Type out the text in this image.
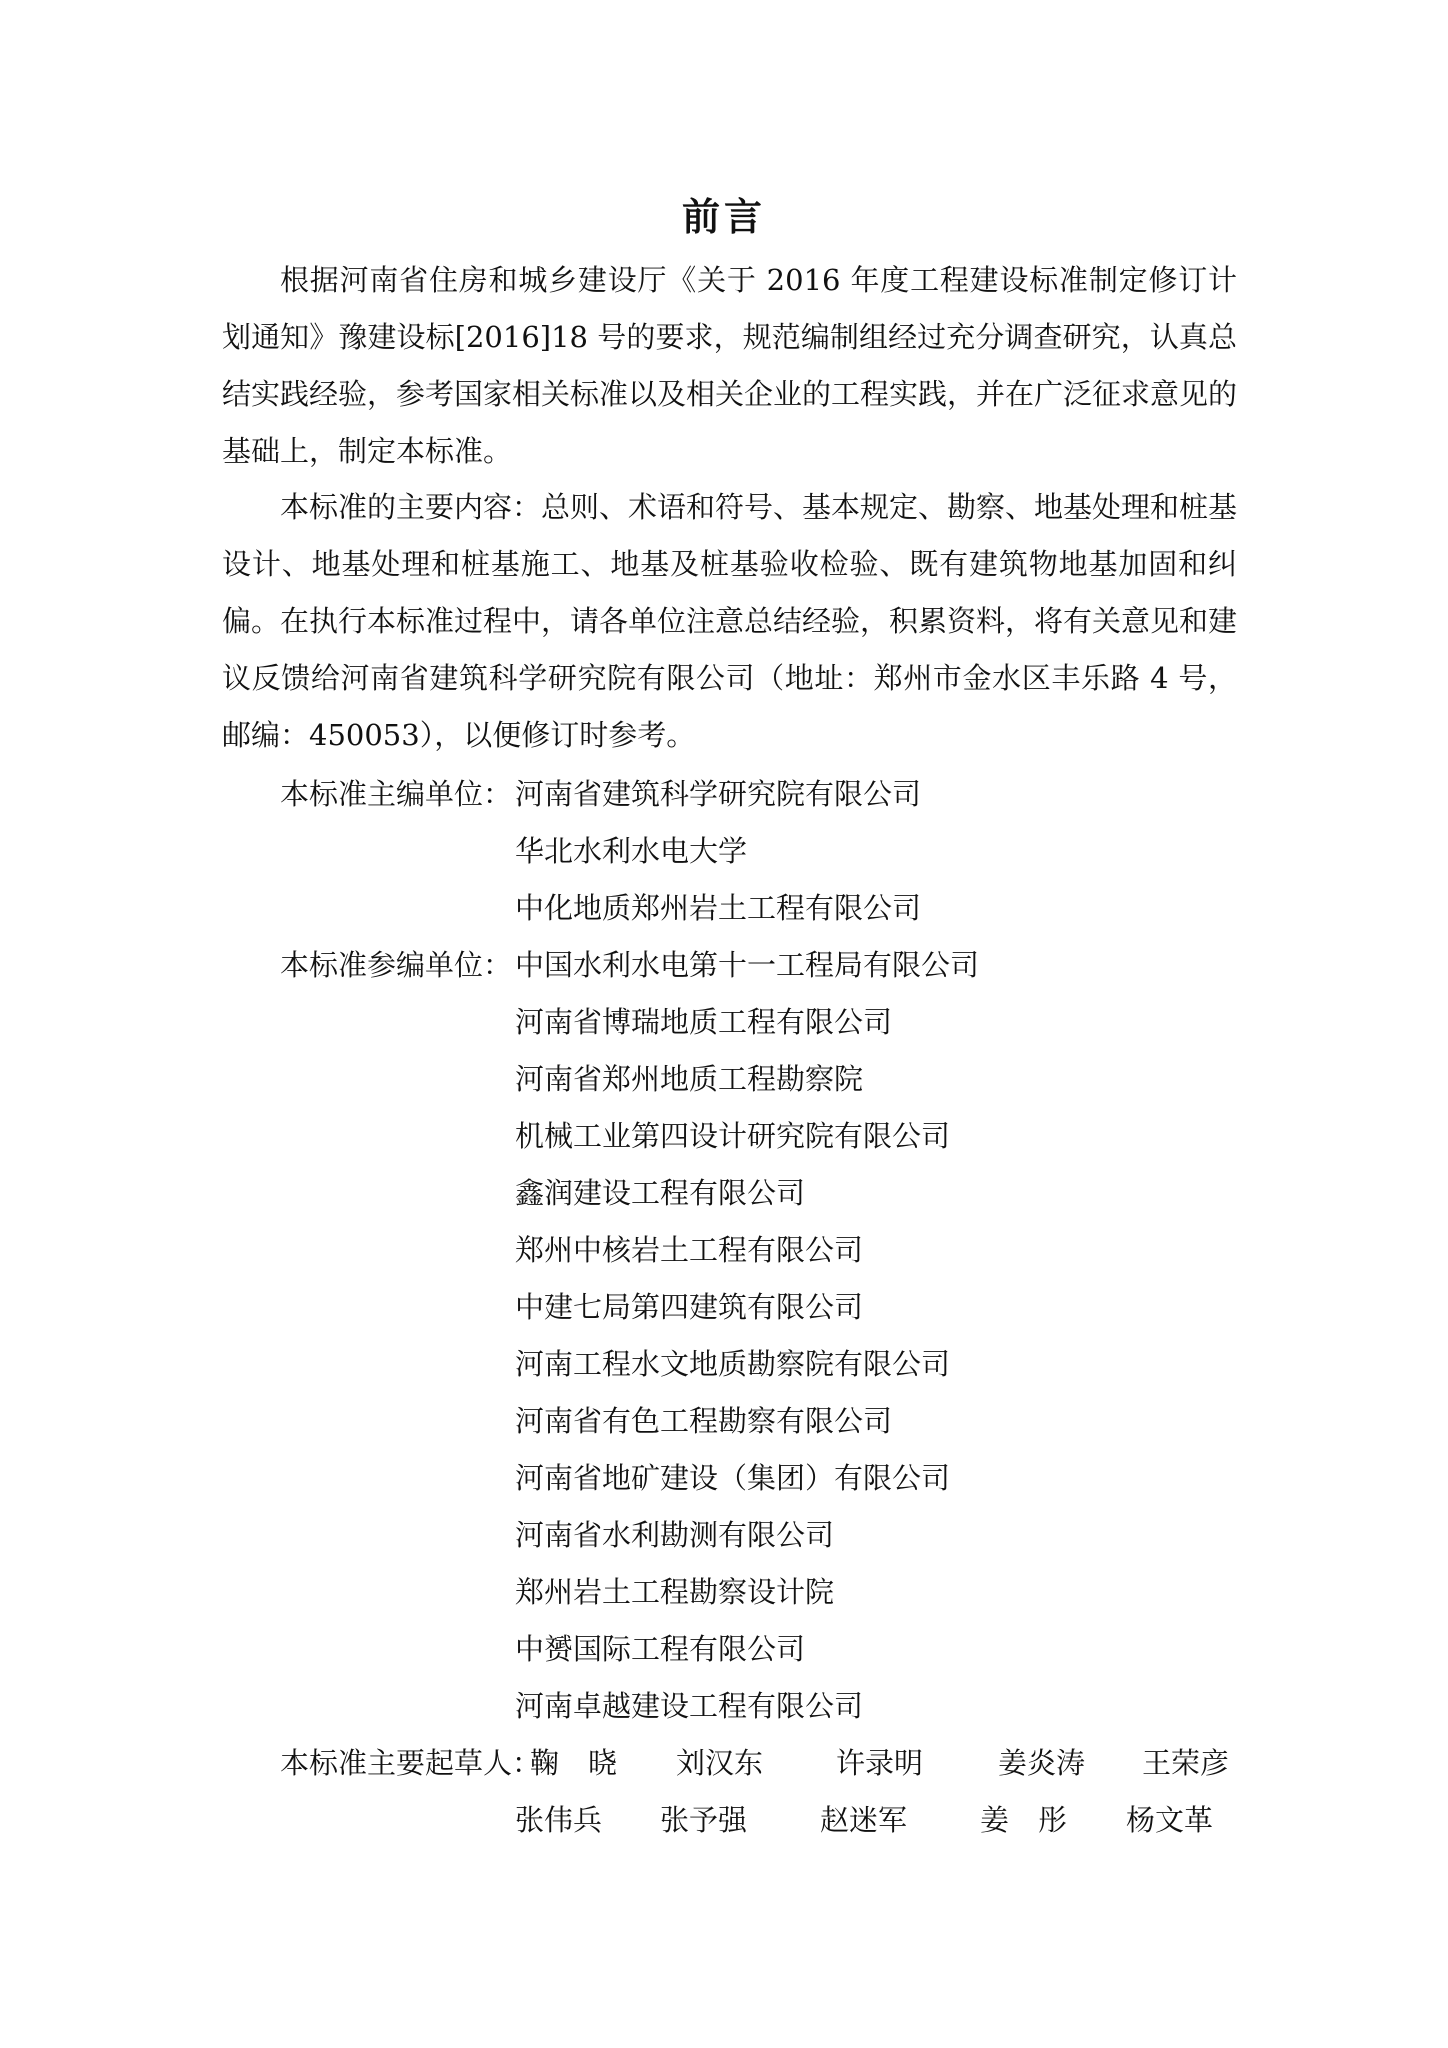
前言

根据河南省住房和城乡建设厅《关于 2016 年度工程建设标准制定修订计划通知》豫建设标[2016]18 号的要求，规范编制组经过充分调查研究，认真总结实践经验，参考国家相关标准以及相关企业的工程实践，并在广泛征求意见的基础上，制定本标准。

本标准的主要内容：总则、术语和符号、基本规定、勘察、地基处理和桩基设计、地基处理和桩基施工、地基及桩基验收检验、既有建筑物地基加固和纠偏。 在执行本标准过程中，请各单位注意总结经验，积累资料，将有关意见和建议反馈给河南省建筑科学研究院有限公司（地址：郑州市金水区丰乐路 4 号，邮编：450053），以便修订时参考。

本标准主编单位： 河南省建筑科学研究院有限公司
华北水利水电大学
中化地质郑州岩土工程有限公司
本标准参编单位： 中国水利水电第十一工程局有限公司
河南省博瑞地质工程有限公司
河南省郑州地质工程勘察院
机械工业第四设计研究院有限公司
鑫润建设工程有限公司
郑州中核岩土工程有限公司
中建七局第四建筑有限公司
河南工程水文地质勘察院有限公司
河南省有色工程勘察有限公司
河南省地矿建设（集团）有限公司
河南省水利勘测有限公司
郑州岩土工程勘察设计院
中赟国际工程有限公司
河南卓越建设工程有限公司
本标准主要起草人：
鞠　晓 刘汉东	许录明	姜炎涛 王荣彦
张伟兵 张予强	赵迷军	姜　彤 杨文革
